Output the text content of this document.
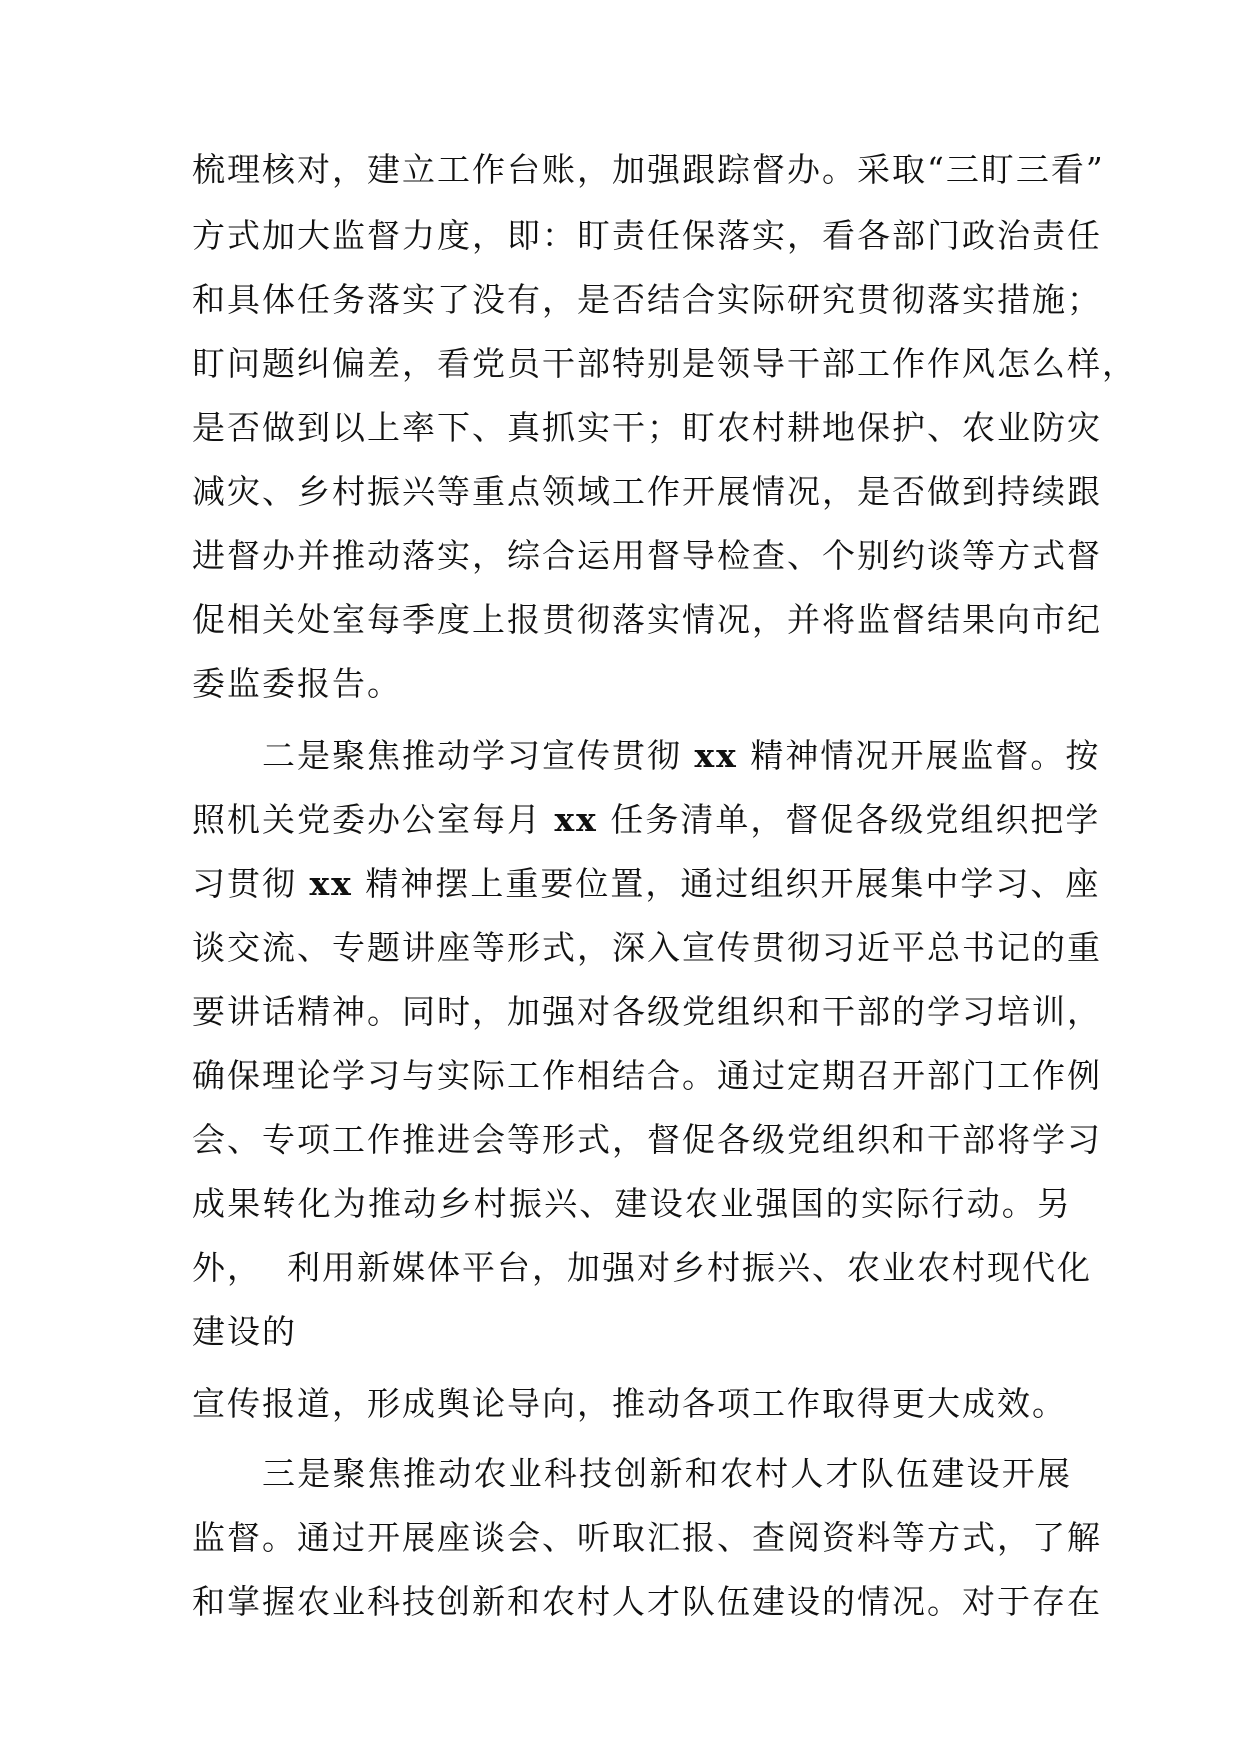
梳理核对，建立工作台账，加强跟踪督办。采取“三盯三看”
方式加大监督力度，即：盯责任保落实，看各部门政治责任
和具体任务落实了没有，是否结合实际研究贯彻落实措施；
盯问题纠偏差，看党员干部特别是领导干部工作作风怎么样，
是否做到以上率下、真抓实干；盯农村耕地保护、农业防灾
减灾、乡村振兴等重点领域工作开展情况，是否做到持续跟
进督办并推动落实，综合运用督导检查、个别约谈等方式督
促相关处室每季度上报贯彻落实情况，并将监督结果向市纪
委监委报告。
二是聚焦推动学习宣传贯彻 xx 精神情况开展监督。按
照机关党委办公室每月 xx 任务清单，督促各级党组织把学
习贯彻 xx 精神摆上重要位置，通过组织开展集中学习、座
谈交流、专题讲座等形式，深入宣传贯彻习近平总书记的重
要讲话精神。同时，加强对各级党组织和干部的学习培训，
确保理论学习与实际工作相结合。通过定期召开部门工作例
会、专项工作推进会等形式，督促各级党组织和干部将学习
成果转化为推动乡村振兴、建设农业强国的实际行动。另
外，  利用新媒体平台，加强对乡村振兴、农业农村现代化
建设的
宣传报道，形成舆论导向，推动各项工作取得更大成效。
三是聚焦推动农业科技创新和农村人才队伍建设开展
监督。通过开展座谈会、听取汇报、查阅资料等方式，了解
和掌握农业科技创新和农村人才队伍建设的情况。对于存在
